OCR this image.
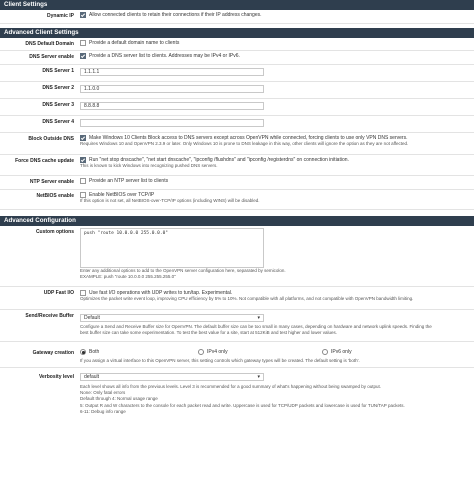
Client Settings
Dynamic IP	Allow connected clients to retain their connections if their IP address changes.
Advanced Client Settings
DNS Default Domain	Provide a default domain name to clients
DNS Server enable	Provide a DNS server list to clients. Addresses may be IPv4 or IPv6.
DNS Server 1	1.1.1.1
DNS Server 2	1.1.0.0
DNS Server 3	8.8.8.8
DNS Server 4
Block Outside DNS	Make Windows 10 Clients Block access to DNS servers except across OpenVPN while connected, forcing clients to use only VPN DNS servers.
Requires Windows 10 and OpenVPN 2.3.9 or later. Only Windows 10 is prone to DNS leakage in this way, other clients will ignore the option as they are not affected.
Force DNS cache update	Run "net stop dnscache", "net start dnscache", "ipconfig /flushdns" and "ipconfig /registerdns" on connection initiation.
This is known to kick Windows into recognizing pushed DNS servers.
NTP Server enable	Provide an NTP server list to clients
NetBIOS enable	Enable NetBIOS over TCP/IP
If this option is not set, all NetBIOS-over-TCP/IP options (including WINS) will be disabled.
Advanced Configuration
Custom options	push "route 10.0.0.0 255.0.0.0"
Enter any additional options to add to the OpenVPN server configuration here, separated by semicolon.
EXAMPLE: push "route 10.0.0.0 255.255.255.0"
UDP Fast I/O	Use fast I/O operations with UDP writes to tun/tap. Experimental.
Optimizes the packet write event loop, improving CPU efficiency by 5% to 10%. Not compatible with all platforms, and not compatible with OpenVPN bandwidth limiting.
Send/Receive Buffer	Default	▾
Configure a Send and Receive Buffer size for OpenVPN. The default buffer size can be too small in many cases, depending on hardware and network uplink speeds. Finding the
best buffer size can take some experimentation. To test the best value for a site, start at 512KiB and test higher and lower values.
Gateway creation	Both	IPv4 only	IPv6 only
If you assign a virtual interface to this OpenVPN server, this setting controls which gateway types will be created. The default setting is 'both'.
Verbosity level	default	▾
Each level shows all info from the previous levels. Level 3 is recommended for a good summary of what's happening without being swamped by output.
None: Only fatal errors
Default through 4: Normal usage range
5: Output R and W characters to the console for each packet read and write. Uppercase is used for TCP/UDP packets and lowercase is used for TUN/TAP packets.
6-11: Debug info range
